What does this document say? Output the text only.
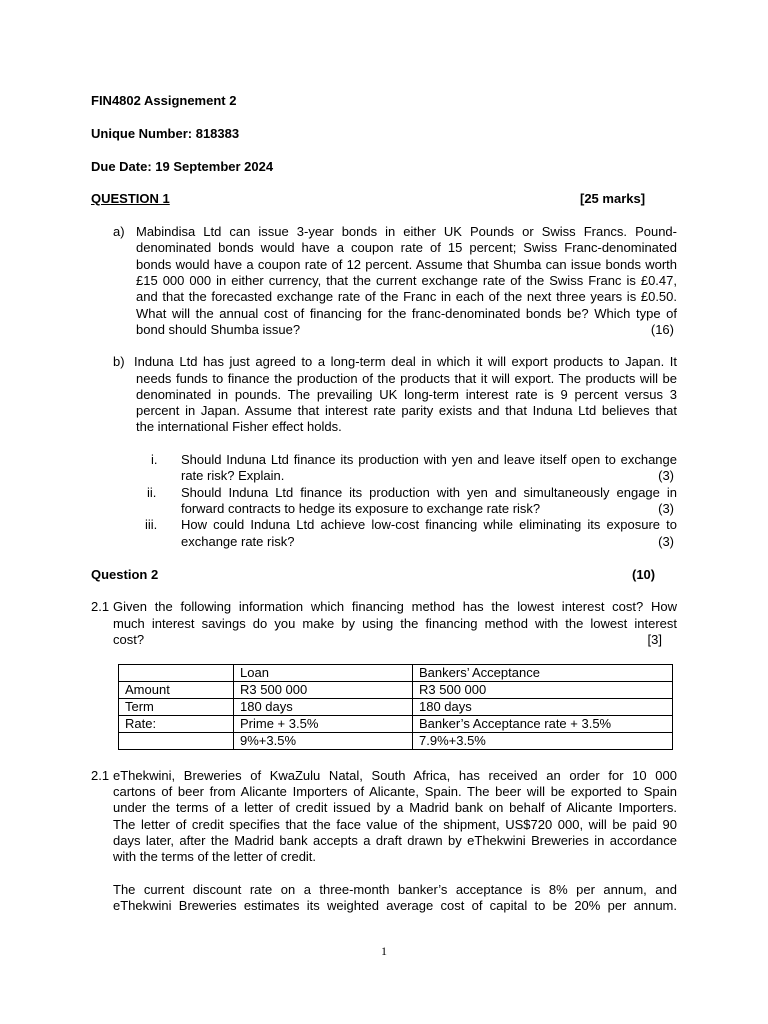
FIN4802 Assignement 2
Unique Number: 818383
Due Date: 19 September 2024
QUESTION 1	[25 marks]
a) Mabindisa Ltd can issue 3-year bonds in either UK Pounds or Swiss Francs. Pound-
denominated bonds would have a coupon rate of 15 percent; Swiss Franc-denominated
bonds would have a coupon rate of 12 percent. Assume that Shumba can issue bonds worth
£15 000 000 in either currency, that the current exchange rate of the Swiss Franc is £0.47,
and that the forecasted exchange rate of the Franc in each of the next three years is £0.50.
What will the annual cost of financing for the franc-denominated bonds be? Which type of
bond should Shumba issue?	(16)
b) Induna Ltd has just agreed to a long-term deal in which it will export products to Japan. It
needs funds to finance the production of the products that it will export. The products will be
denominated in pounds. The prevailing UK long-term interest rate is 9 percent versus 3
percent in Japan. Assume that interest rate parity exists and that Induna Ltd believes that
the international Fisher effect holds.
i. Should Induna Ltd finance its production with yen and leave itself open to exchange
rate risk? Explain.	(3)
ii. Should Induna Ltd finance its production with yen and simultaneously engage in
forward contracts to hedge its exposure to exchange rate risk?	(3)
iii. How could Induna Ltd achieve low-cost financing while eliminating its exposure to
exchange rate risk?	(3)
Question 2	(10)
2.1 Given the following information which financing method has the lowest interest cost? How
much interest savings do you make by using the financing method with the lowest interest
cost?	[3]
	Loan	Bankers’ Acceptance
Amount	R3 500 000	R3 500 000
Term	180 days	180 days
Rate:	Prime + 3.5%	Banker’s Acceptance rate + 3.5%
	9%+3.5%	7.9%+3.5%
2.1 eThekwini, Breweries of KwaZulu Natal, South Africa, has received an order for 10 000
cartons of beer from Alicante Importers of Alicante, Spain. The beer will be exported to Spain
under the terms of a letter of credit issued by a Madrid bank on behalf of Alicante Importers.
The letter of credit specifies that the face value of the shipment, US$720 000, will be paid 90
days later, after the Madrid bank accepts a draft drawn by eThekwini Breweries in accordance
with the terms of the letter of credit.
The current discount rate on a three-month banker’s acceptance is 8% per annum, and
eThekwini Breweries estimates its weighted average cost of capital to be 20% per annum.
1
